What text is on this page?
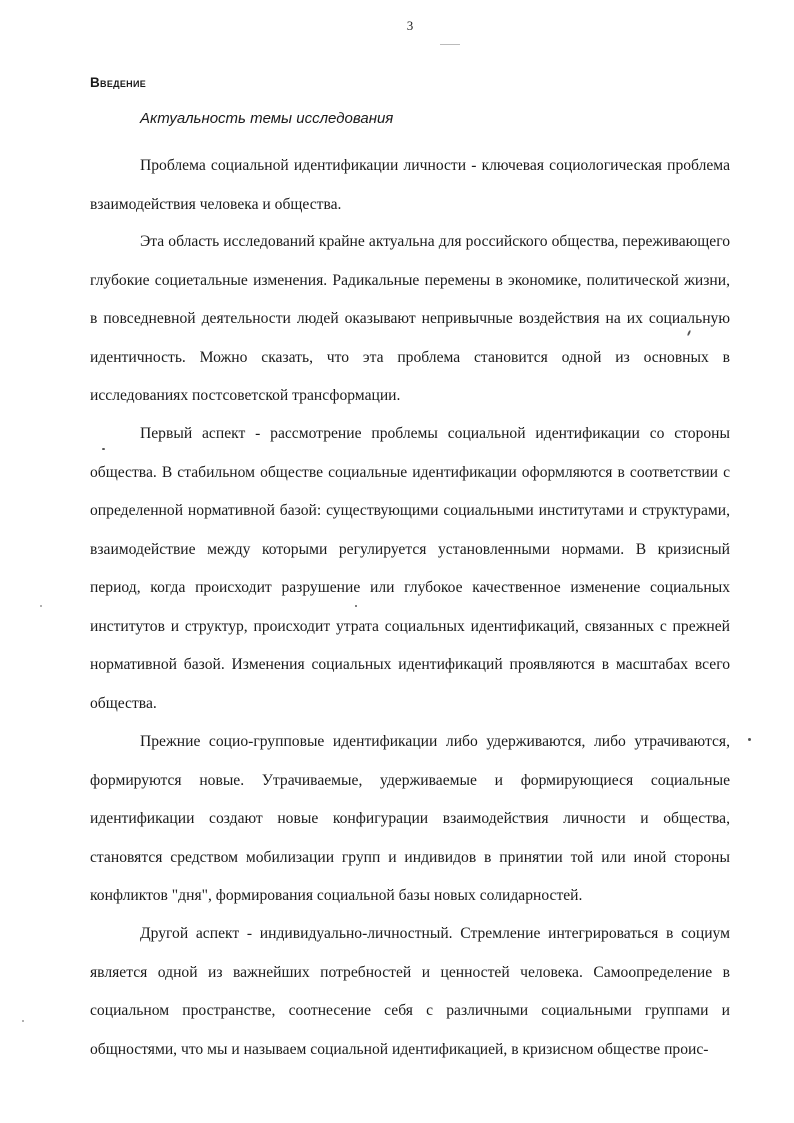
3
Введение
Актуальность темы исследования

Проблема социальной идентификации личности - ключевая социологическая проблема взаимодействия человека и общества.

Эта область исследований крайне актуальна для российского общества, переживающего глубокие социетальные изменения. Радикальные перемены в экономике, политической жизни, в повседневной деятельности людей оказывают непривычные воздействия на их социальную идентичность. Можно сказать, что эта проблема становится одной из основных в исследованиях постсоветской трансформации.

Первый аспект - рассмотрение проблемы социальной идентификации со стороны общества. В стабильном обществе социальные идентификации оформляются в соответствии с определенной нормативной базой: существующими социальными институтами и структурами, взаимодействие между которыми регулируется установленными нормами. В кризисный период, когда происходит разрушение или глубокое качественное изменение социальных институтов и структур, происходит утрата социальных идентификаций, связанных с прежней нормативной базой. Изменения социальных идентификаций проявляются в масштабах всего общества.

Прежние социо-групповые идентификации либо удерживаются, либо утрачиваются, формируются новые. Утрачиваемые, удерживаемые и формирующиеся социальные идентификации создают новые конфигурации взаимодействия личности и общества, становятся средством мобилизации групп и индивидов в принятии той или иной стороны конфликтов "дня", формирования социальной базы новых солидарностей.

Другой аспект - индивидуально-личностный. Стремление интегрироваться в социум является одной из важнейших потребностей и ценностей человека. Самоопределение в социальном пространстве, соотнесение себя с различными социальными группами и общностями, что мы и называем социальной идентификацией, в кризисном обществе проис-
